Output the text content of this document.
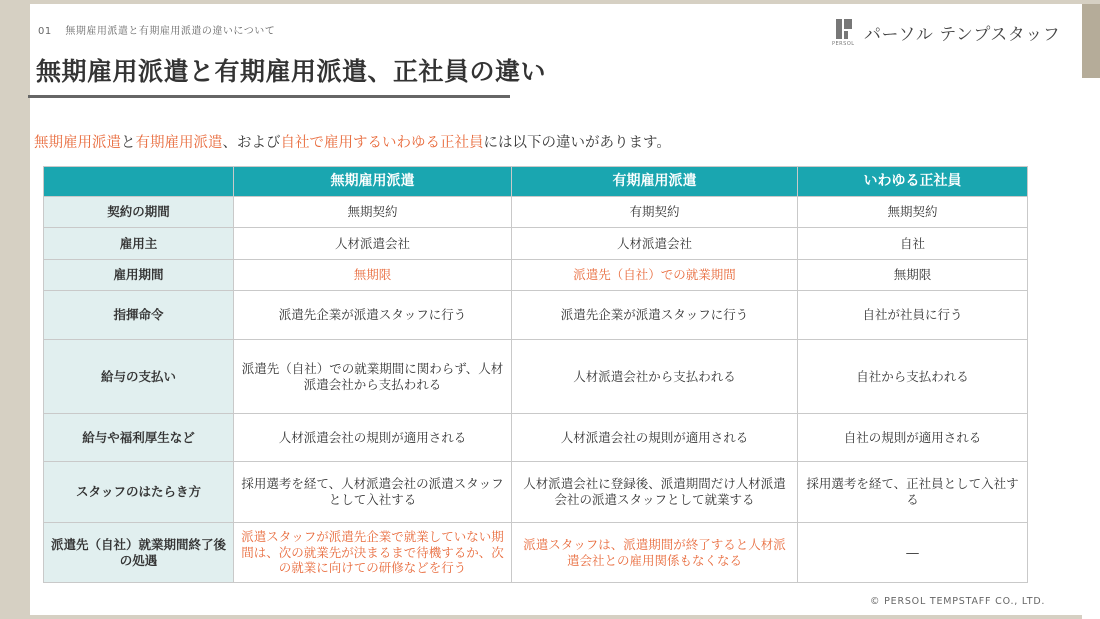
01 無期雇用派遣と有期雇用派遣の違いについて
PERSOL パーソル テンプスタッフ
無期雇用派遣と有期雇用派遣、正社員の違い

無期雇用派遣と有期雇用派遣、および自社で雇用するいわゆる正社員には以下の違いがあります。

	無期雇用派遣	有期雇用派遣	いわゆる正社員
契約の期間	無期契約	有期契約	無期契約
雇用主	人材派遣会社	人材派遣会社	自社
雇用期間	無期限	派遣先（自社）での就業期間	無期限
指揮命令	派遣先企業が派遣スタッフに行う	派遣先企業が派遣スタッフに行う	自社が社員に行う
給与の支払い	派遣先（自社）での就業期間に関わらず、人材派遣会社から支払われる	人材派遣会社から支払われる	自社から支払われる
給与や福利厚生など	人材派遣会社の規則が適用される	人材派遣会社の規則が適用される	自社の規則が適用される
スタッフのはたらき方	採用選考を経て、人材派遣会社の派遣スタッフとして入社する	人材派遣会社に登録後、派遣期間だけ人材派遣会社の派遣スタッフとして就業する	採用選考を経て、正社員として入社する
派遣先（自社）就業期間終了後の処遇	派遣スタッフが派遣先企業で就業していない期間は、次の就業先が決まるまで待機するか、次の就業に向けての研修などを行う	派遣スタッフは、派遣期間が終了すると人材派遣会社との雇用関係もなくなる	―
© PERSOL TEMPSTAFF CO., LTD.
